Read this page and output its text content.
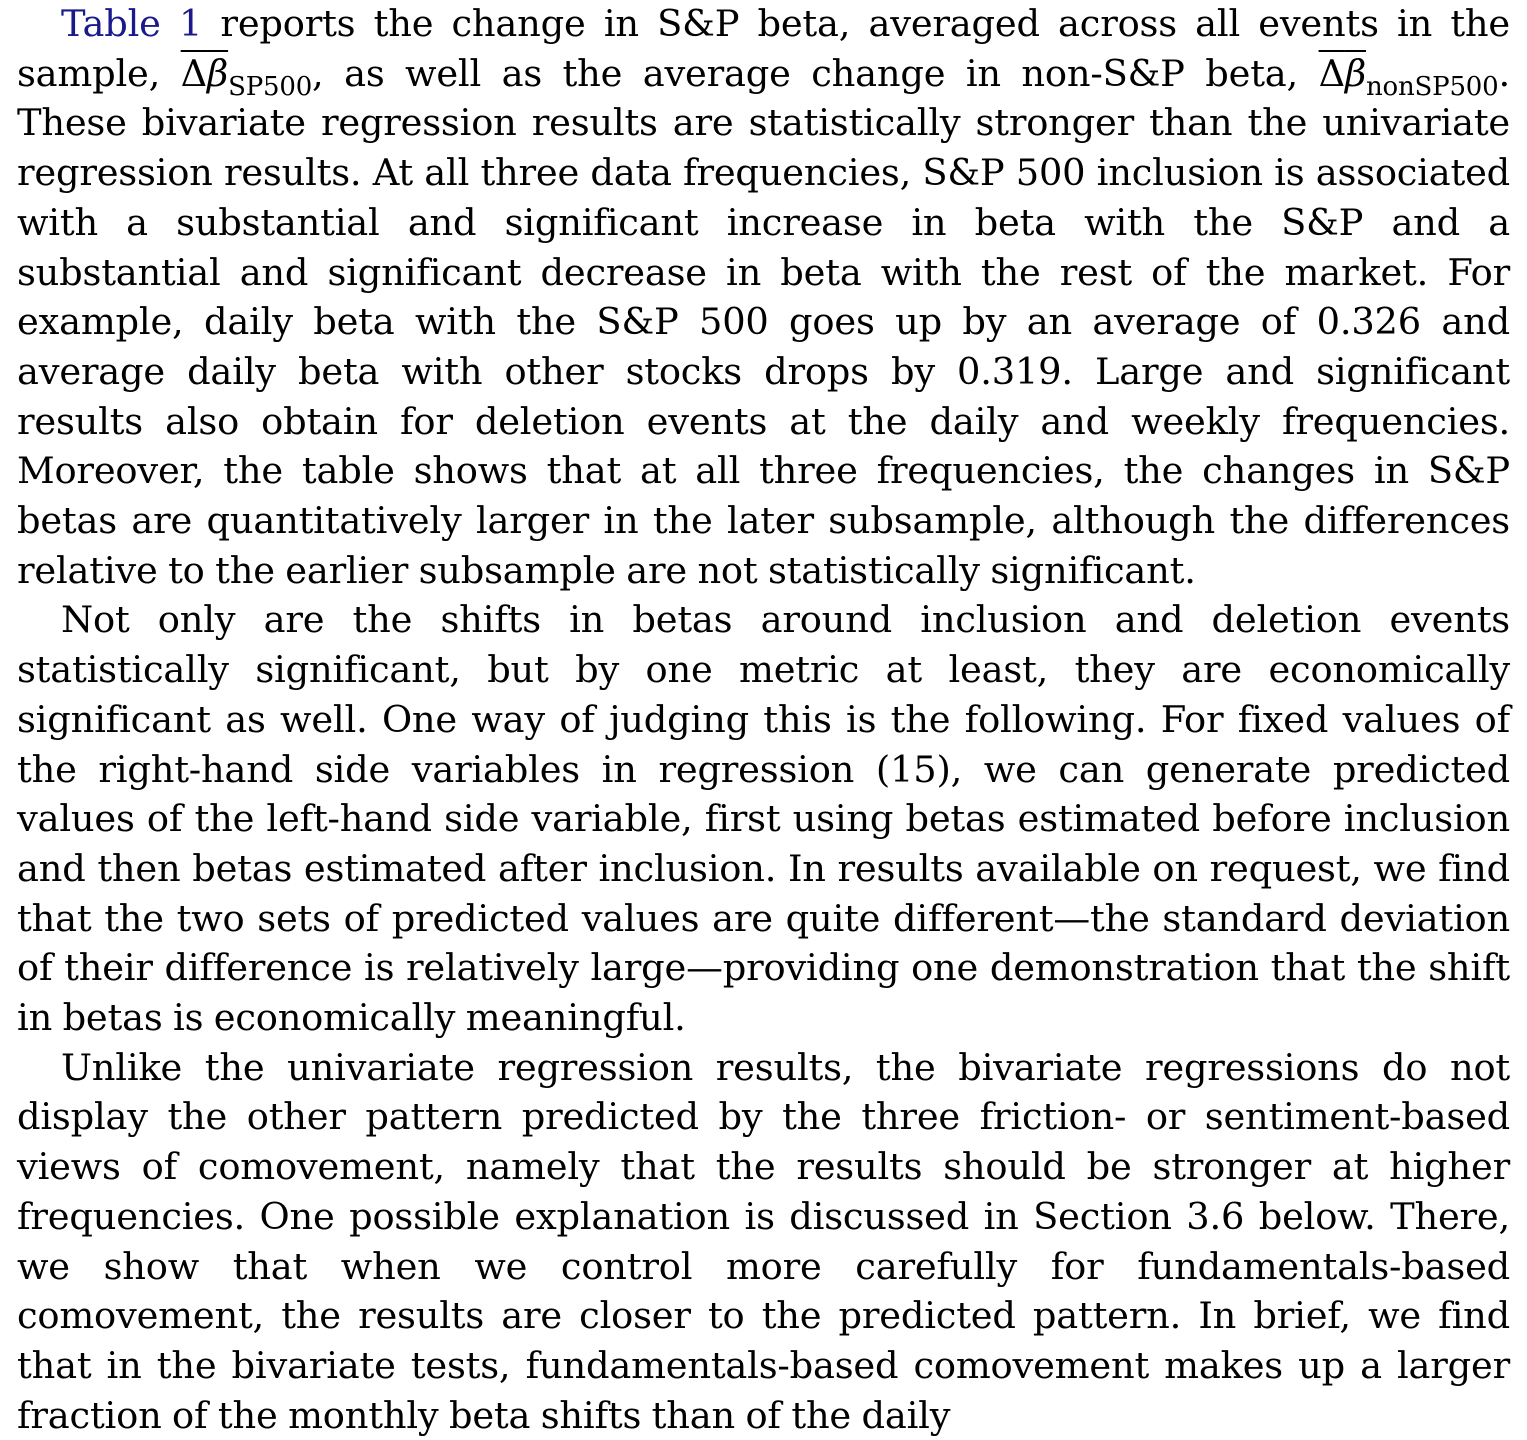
Table 1 reports the change in S&P beta, averaged across all events in the sample, $\Delta\beta_{SP500}$, as well as the average change in non-S&P beta, $\Delta\beta_{nonSP500}$. These bivariate regression results are statistically stronger than the univariate regression results. At all three data frequencies, S&P 500 inclusion is associated with a substantial and significant increase in beta with the S&P and a substantial and significant decrease in beta with the rest of the market. For example, daily beta with the S&P 500 goes up by an average of 0.326 and average daily beta with other stocks drops by 0.319. Large and significant results also obtain for deletion events at the daily and weekly frequencies. Moreover, the table shows that at all three frequencies, the changes in S&P betas are quantitatively larger in the later subsample, although the differences relative to the earlier subsample are not statistically significant.

Not only are the shifts in betas around inclusion and deletion events statistically significant, but by one metric at least, they are economically significant as well. One way of judging this is the following. For fixed values of the right-hand side variables in regression (15), we can generate predicted values of the left-hand side variable, first using betas estimated before inclusion and then betas estimated after inclusion. In results available on request, we find that the two sets of predicted values are quite different—the standard deviation of their difference is relatively large—providing one demonstration that the shift in betas is economically meaningful.

Unlike the univariate regression results, the bivariate regressions do not display the other pattern predicted by the three friction- or sentiment-based views of comovement, namely that the results should be stronger at higher frequencies. One possible explanation is discussed in Section 3.6 below. There, we show that when we control more carefully for fundamentals-based comovement, the results are closer to the predicted pattern. In brief, we find that in the bivariate tests, fundamentals-based comovement makes up a larger fraction of the monthly beta shifts than of the daily
